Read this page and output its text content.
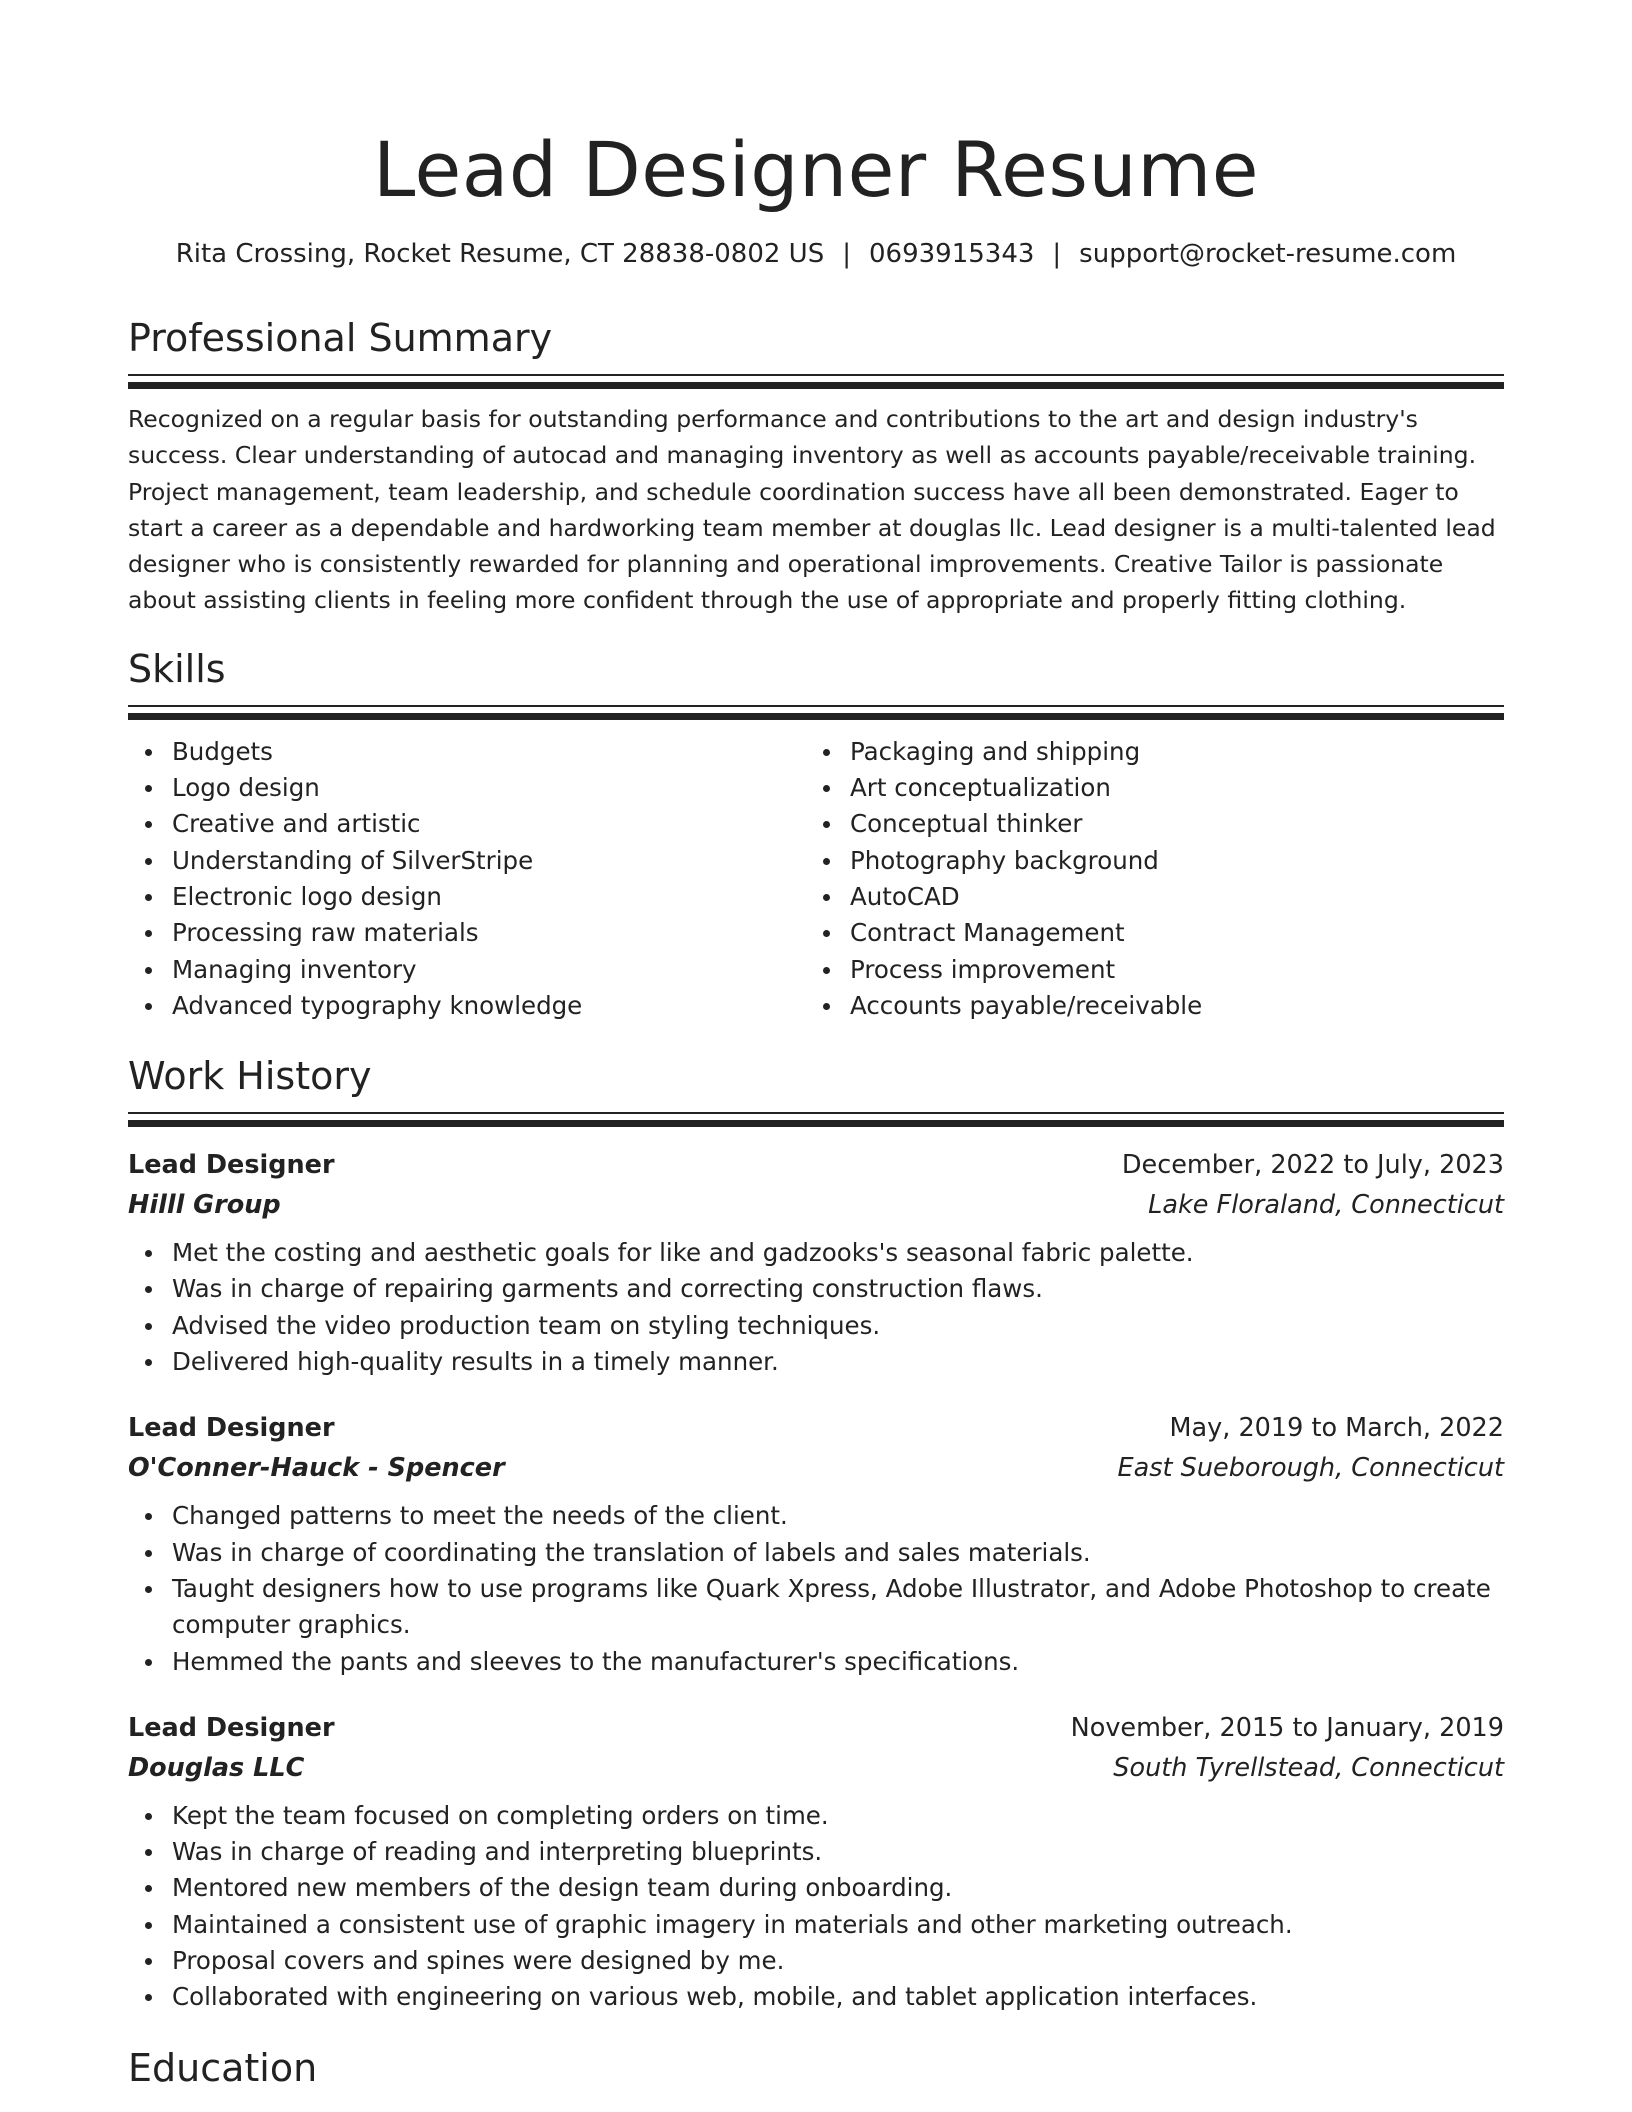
Lead Designer Resume
Rita Crossing, Rocket Resume, CT 28838-0802 US | 0693915343 | support@rocket-resume.com
Professional Summary
Recognized on a regular basis for outstanding performance and contributions to the art and design industry's success. Clear understanding of autocad and managing inventory as well as accounts payable/receivable training. Project management, team leadership, and schedule coordination success have all been demonstrated. Eager to start a career as a dependable and hardworking team member at douglas llc. Lead designer is a multi-talented lead designer who is consistently rewarded for planning and operational improvements. Creative Tailor is passionate about assisting clients in feeling more confident through the use of appropriate and properly fitting clothing.
Skills
Budgets
Logo design
Creative and artistic
Understanding of SilverStripe
Electronic logo design
Processing raw materials
Managing inventory
Advanced typography knowledge
Packaging and shipping
Art conceptualization
Conceptual thinker
Photography background
AutoCAD
Contract Management
Process improvement
Accounts payable/receivable
Work History
Lead Designer	December, 2022 to July, 2023
Hilll Group	Lake Floraland, Connecticut
Met the costing and aesthetic goals for like and gadzooks's seasonal fabric palette.
Was in charge of repairing garments and correcting construction flaws.
Advised the video production team on styling techniques.
Delivered high-quality results in a timely manner.
Lead Designer	May, 2019 to March, 2022
O'Conner-Hauck - Spencer	East Sueborough, Connecticut
Changed patterns to meet the needs of the client.
Was in charge of coordinating the translation of labels and sales materials.
Taught designers how to use programs like Quark Xpress, Adobe Illustrator, and Adobe Photoshop to create computer graphics.
Hemmed the pants and sleeves to the manufacturer's specifications.
Lead Designer	November, 2015 to January, 2019
Douglas LLC	South Tyrellstead, Connecticut
Kept the team focused on completing orders on time.
Was in charge of reading and interpreting blueprints.
Mentored new members of the design team during onboarding.
Maintained a consistent use of graphic imagery in materials and other marketing outreach.
Proposal covers and spines were designed by me.
Collaborated with engineering on various web, mobile, and tablet application interfaces.
Education
